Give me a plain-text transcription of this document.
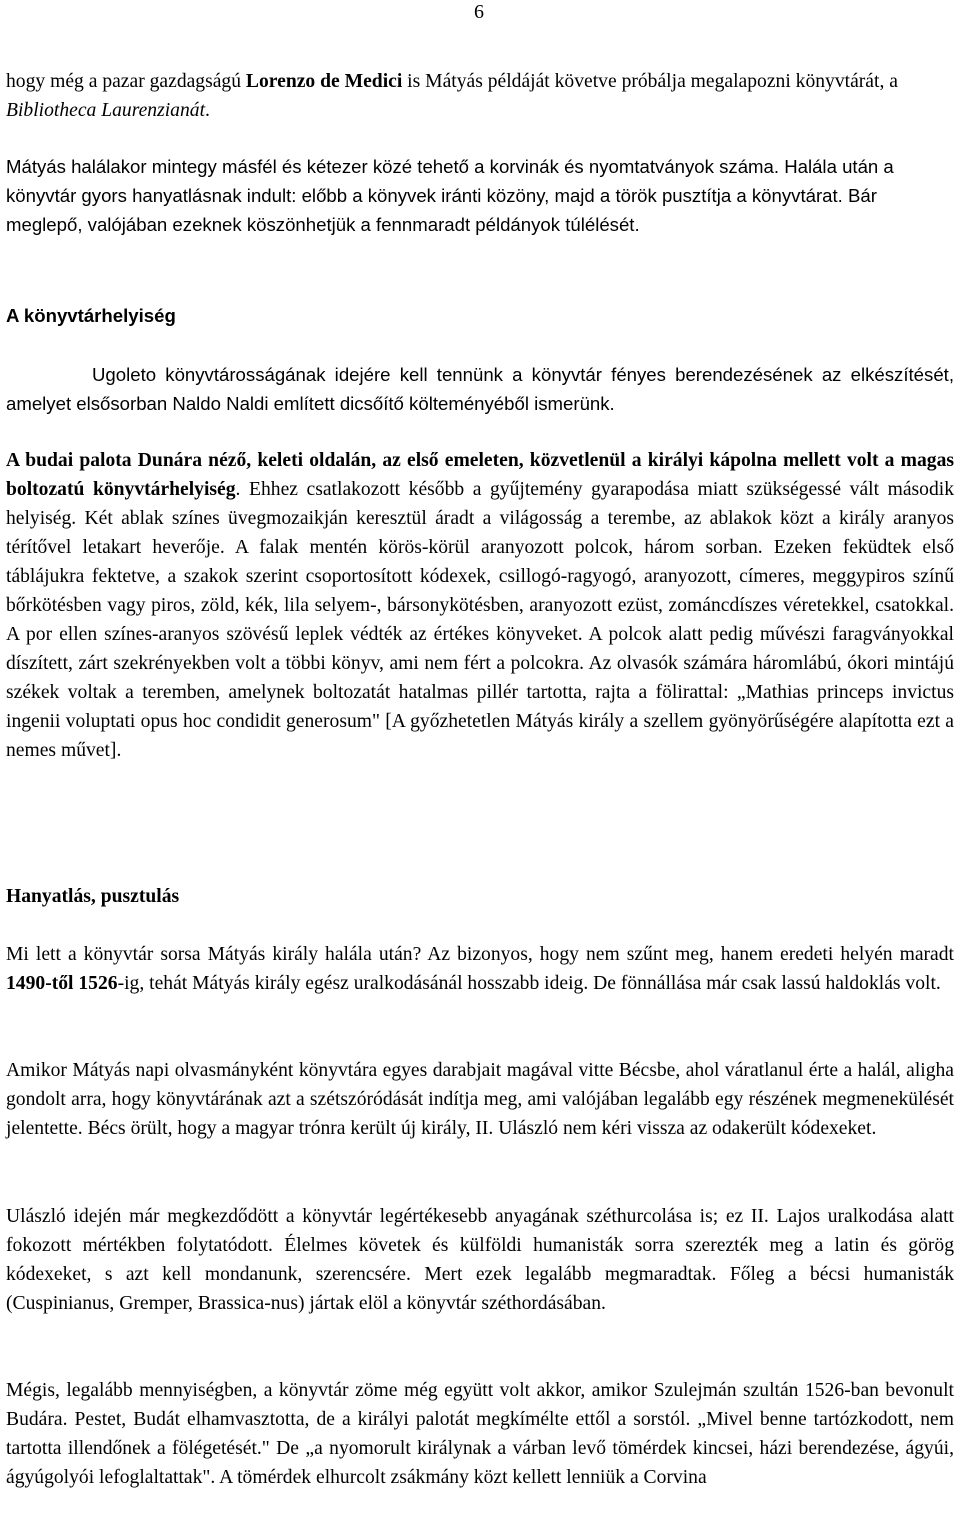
6

hogy még a pazar gazdagságú Lorenzo de Medici is Mátyás példáját követve próbálja megalapozni könyvtárát, a Bibliotheca Laurenzianát.

Mátyás halálakor mintegy másfél és kétezer közé tehető a korvinák és nyomtatványok száma. Halála után a könyvtár gyors hanyatlásnak indult: előbb a könyvek iránti közöny, majd a török pusztítja a könyvtárat. Bár meglepő, valójában ezeknek köszönhetjük a fennmaradt példányok túlélését.

A könyvtárhelyiség

Ugoleto könyvtárosságának idejére kell tennünk a könyvtár fényes berendezésének az elkészítését, amelyet elsősorban Naldo Naldi említett dicsőítő költeményéből ismerünk.

A budai palota Dunára néző, keleti oldalán, az első emeleten, közvetlenül a királyi kápolna mellett volt a magas boltozatú könyvtárhelyiség. Ehhez csatlakozott később a gyűjtemény gyarapodása miatt szükségessé vált második helyiség. Két ablak színes üvegmozaikján keresztül áradt a világosság a terembe, az ablakok közt a király aranyos térítővel letakart heverője. A falak mentén körös-körül aranyozott polcok, három sorban. Ezeken feküdtek első táblájukra fektetve, a szakok szerint csoportosított kódexek, csillogó-ragyogó, aranyozott, címeres, meggypiros színű bőrkötésben vagy piros, zöld, kék, lila selyem-, bársonykötésben, aranyozott ezüst, zománcdíszes véretekkel, csatokkal. A por ellen színes-aranyos szövésű leplek védték az értékes könyveket. A polcok alatt pedig művészi faragványokkal díszített, zárt szekrényekben volt a többi könyv, ami nem fért a polcokra. Az olvasók számára háromlábú, ókori mintájú székek voltak a teremben, amelynek boltozatát hatalmas pillér tartotta, rajta a fölirattal: „Mathias princeps invictus ingenii voluptati opus hoc condidit generosum" [A győzhetetlen Mátyás király a szellem gyönyörűségére alapította ezt a nemes művet].

Hanyatlás, pusztulás

Mi lett a könyvtár sorsa Mátyás király halála után? Az bizonyos, hogy nem szűnt meg, hanem eredeti helyén maradt 1490-től 1526-ig, tehát Mátyás király egész uralkodásánál hosszabb ideig. De fönnállása már csak lassú haldoklás volt.

Amikor Mátyás napi olvasmányként könyvtára egyes darabjait magával vitte Bécsbe, ahol váratlanul érte a halál, aligha gondolt arra, hogy könyvtárának azt a szétszóródását indítja meg, ami valójában legalább egy részének megmenekülését jelentette. Bécs örült, hogy a magyar trónra került új király, II. Ulászló nem kéri vissza az odakerült kódexeket.

Ulászló idején már megkezdődött a könyvtár legértékesebb anyagának széthurcolása is; ez II. Lajos uralkodása alatt fokozott mértékben folytatódott. Élelmes követek és külföldi humanisták sorra szerezték meg a latin és görög kódexeket, s azt kell mondanunk, szerencsére. Mert ezek legalább megmaradtak. Főleg a bécsi humanisták (Cuspinianus, Gremper, Brassica-nus) jártak elöl a könyvtár széthordásában.

Mégis, legalább mennyiségben, a könyvtár zöme még együtt volt akkor, amikor Szulejmán szultán 1526-ban bevonult Budára. Pestet, Budát elhamvasztotta, de a királyi palotát megkímélte ettől a sorstól. „Mivel benne tartózkodott, nem tartotta illendőnek a fölégetését." De „a nyomorult királynak a várban levő tömérdek kincsei, házi berendezése, ágyúi, ágyúgolyói lefoglaltattak". A tömérdek elhurcolt zsákmány közt kellett lenniük a Corvina
